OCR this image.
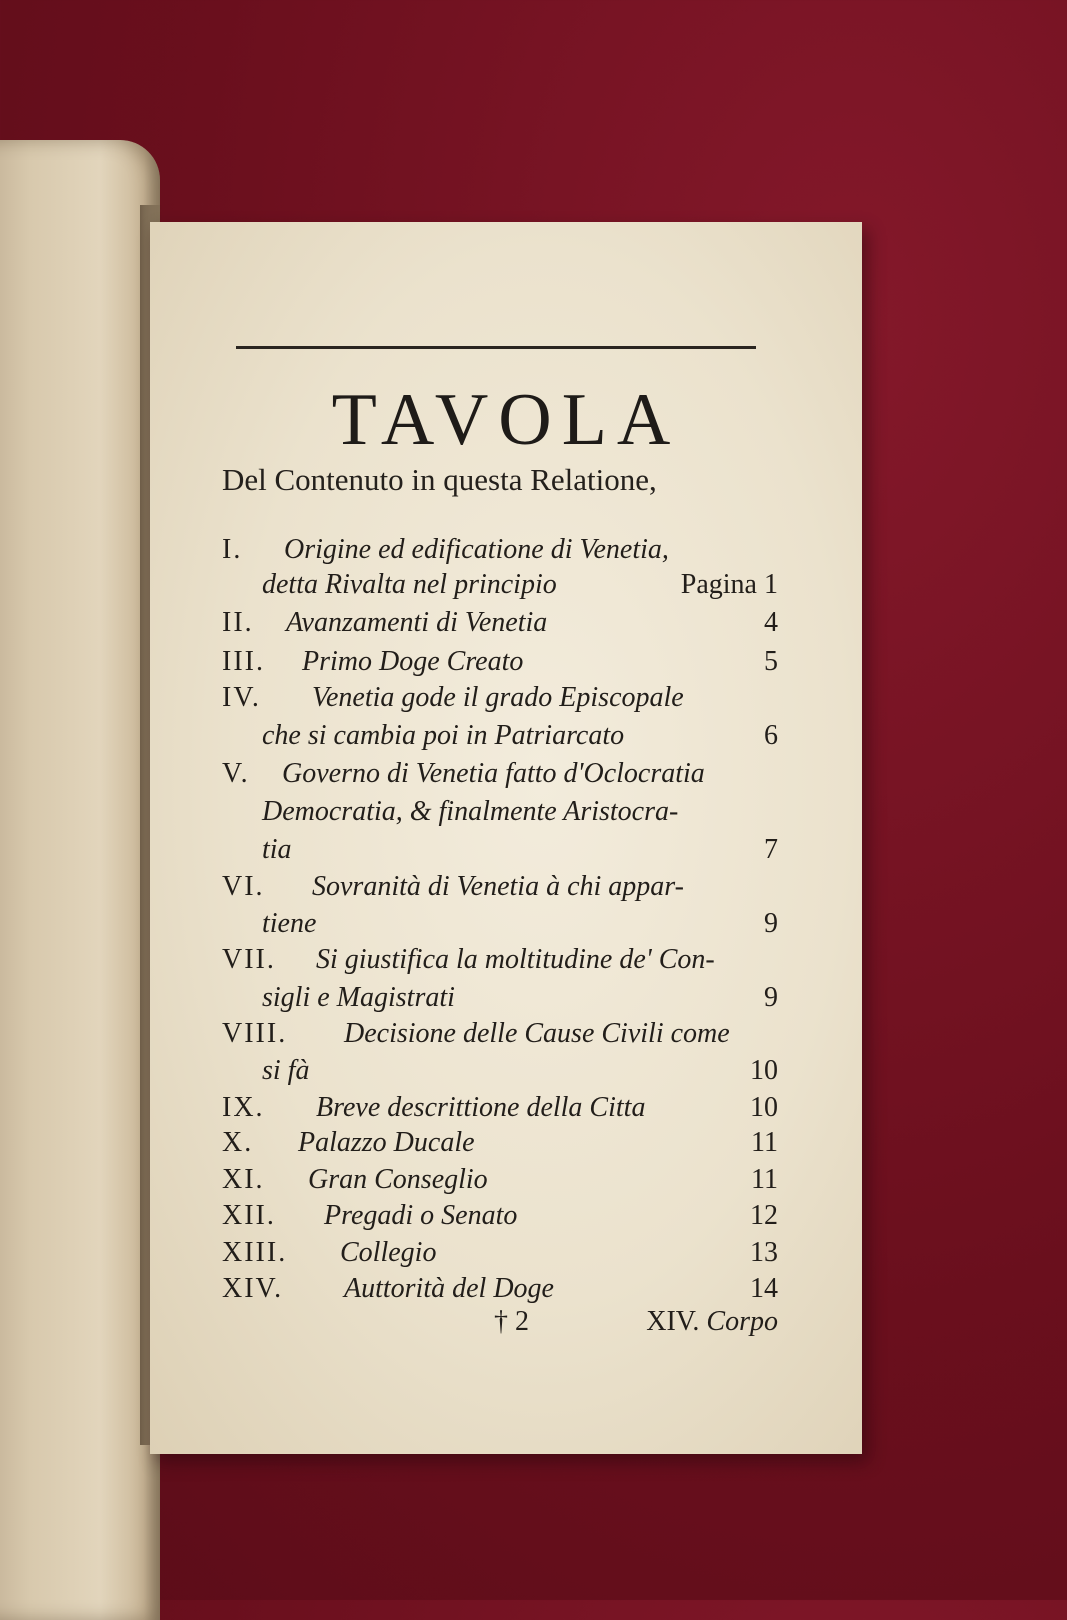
TAVOLA
Del Contenuto in questa Relatione,
I. Origine ed edificatione di Venetia,
detta Rivalta nel principio	Pagina 1
II. Avanzamenti di Venetia	4
III. Primo Doge Creato	5
IV. Venetia gode il grado Episcopale
che si cambia poi in Patriarcato	6
V. Governo di Venetia fatto d'Oclocratia
Democratia, & finalmente Aristocra-
tia	7
VI. Sovranità di Venetia à chi appar-
tiene	9
VII. Si giustifica la moltitudine de' Con-
sigli e Magistrati	9
VIII. Decisione delle Cause Civili come
si fà	10
IX. Breve descrittione della Citta	10
X. Palazzo Ducale	11
XI. Gran Conseglio	11
XII. Pregadi o Senato	12
XIII. Collegio	13
XIV. Auttorità del Doge	14
† 2	XIV. Corpo
